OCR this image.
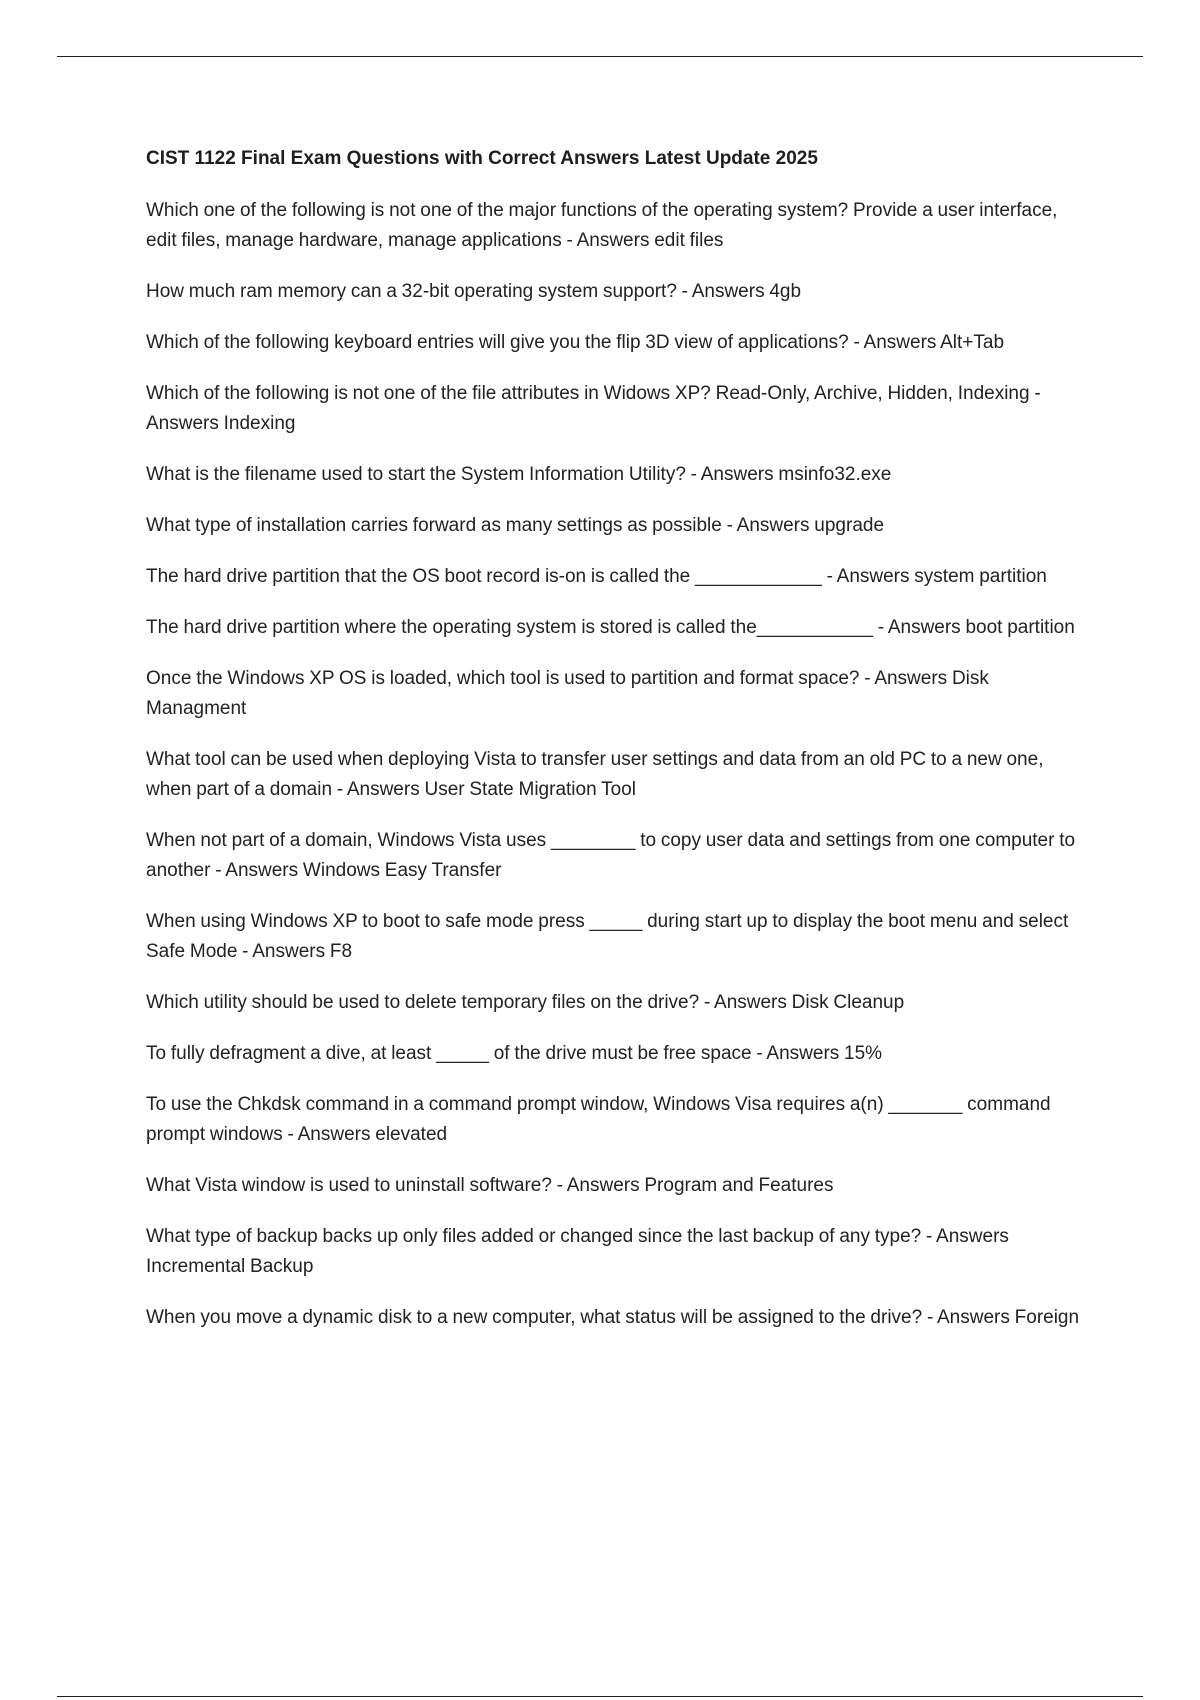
CIST 1122 Final Exam Questions with Correct Answers Latest Update 2025
Which one of the following is not one of the major functions of the operating system? Provide a user interface, edit files, manage hardware, manage applications - Answers edit files
How much ram memory can a 32-bit operating system support? - Answers 4gb
Which of the following keyboard entries will give you the flip 3D view of applications? - Answers Alt+Tab
Which of the following is not one of the file attributes in Widows XP? Read-Only, Archive, Hidden, Indexing - Answers Indexing
What is the filename used to start the System Information Utility? - Answers msinfo32.exe
What type of installation carries forward as many settings as possible - Answers upgrade
The hard drive partition that the OS boot record is-on is called the ____________ - Answers system partition
The hard drive partition where the operating system is stored is called the___________ - Answers boot partition
Once the Windows XP OS is loaded, which tool is used to partition and format space? - Answers Disk Managment
What tool can be used when deploying Vista to transfer user settings and data from an old PC to a new one, when part of a domain - Answers User State Migration Tool
When not part of a domain, Windows Vista uses ________ to copy user data and settings from one computer to another - Answers Windows Easy Transfer
When using Windows XP to boot to safe mode press _____ during start up to display the boot menu and select Safe Mode - Answers F8
Which utility should be used to delete temporary files on the drive? - Answers Disk Cleanup
To fully defragment a dive, at least _____ of the drive must be free space - Answers 15%
To use the Chkdsk command in a command prompt window, Windows Visa requires a(n) _______ command prompt windows - Answers elevated
What Vista window is used to uninstall software? - Answers Program and Features
What type of backup backs up only files added or changed since the last backup of any type? - Answers Incremental Backup
When you move a dynamic disk to a new computer, what status will be assigned to the drive? - Answers Foreign
